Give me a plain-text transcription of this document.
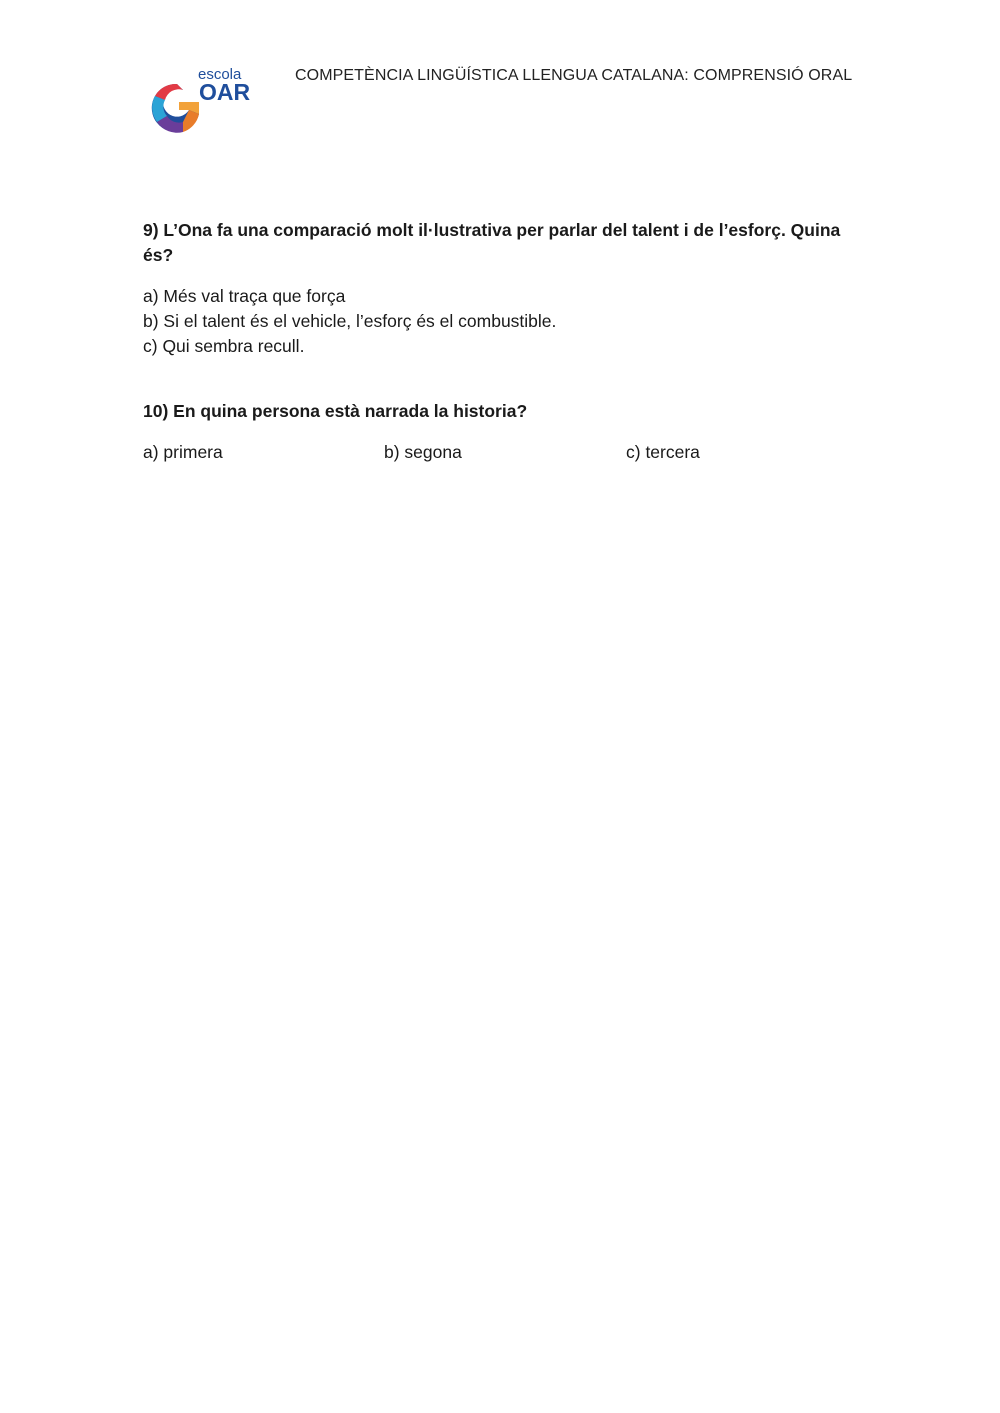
escola
OAR
COMPETÈNCIA LINGÜÍSTICA LLENGUA CATALANA: COMPRENSIÓ ORAL
9) L’Ona fa una comparació molt il·lustrativa per parlar del talent i de l’esforç. Quina és?
a) Més val traça que força
b) Si el talent és el vehicle, l’esforç és el combustible.
c) Qui sembra recull.
10) En quina persona està narrada la historia?
a) primera	b) segona	c) tercera
